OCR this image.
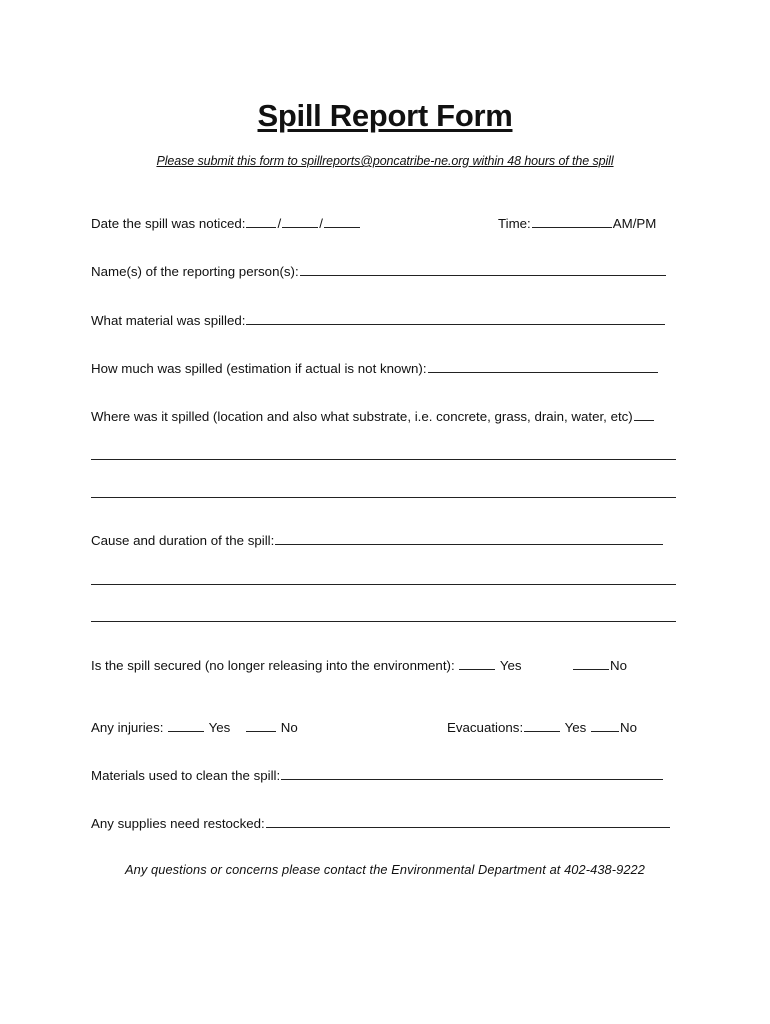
Spill Report Form
Please submit this form to spillreports@poncatribe-ne.org within 48 hours of the spill
Date the spill was noticed: /	/	Time:	AM/PM
Name(s) of the reporting person(s):
What material was spilled:
How much was spilled (estimation if actual is not known):
Where was it spilled (location and also what substrate, i.e. concrete, grass, drain, water, etc)
Cause and duration of the spill:
Is the spill secured (no longer releasing into the environment):	Yes	No
Any injuries:	Yes	No	Evacuations:	Yes	No
Materials used to clean the spill:
Any supplies need restocked:
Any questions or concerns please contact the Environmental Department at 402-438-9222
